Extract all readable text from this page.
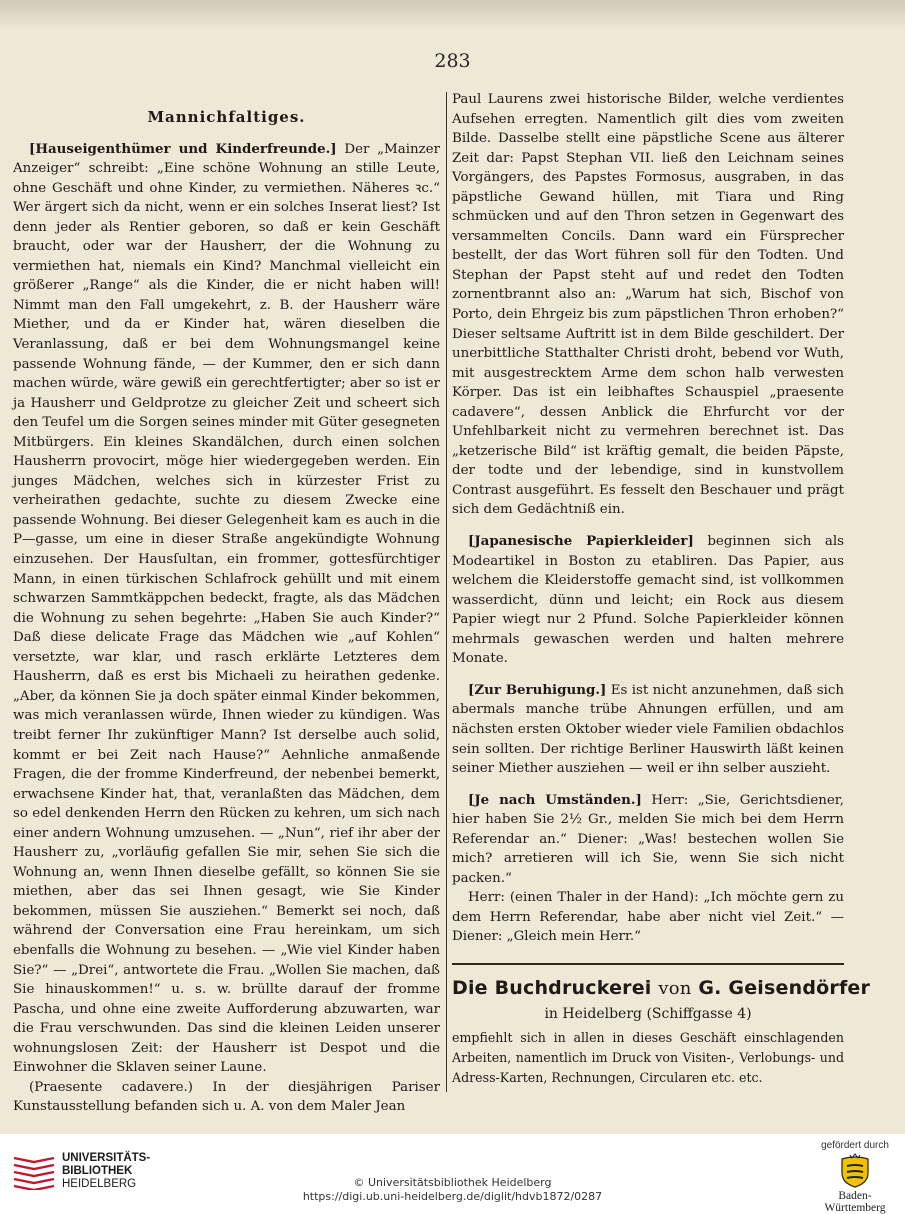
283
Mannichfaltiges.

[Hauseigenthümer und Kinderfreunde.] Der „Mainzer Anzeiger“ schreibt: „Eine schöne Wohnung an stille Leute, ohne Geschäft und ohne Kinder, zu vermiethen. Näheres ꝛc.“ Wer ärgert sich da nicht, wenn er ein solches Inserat liest? Ist denn jeder als Rentier geboren, so daß er kein Geschäft braucht, oder war der Hausherr, der die Wohnung zu vermiethen hat, niemals ein Kind? Manchmal vielleicht ein größerer „Range“ als die Kinder, die er nicht haben will! Nimmt man den Fall umgekehrt, z. B. der Hausherr wäre Miether, und da er Kinder hat, wären dieselben die Veranlassung, daß er bei dem Wohnungsmangel keine passende Wohnung fände, — der Kummer, den er sich dann machen würde, wäre gewiß ein gerechtfertigter; aber so ist er ja Hausherr und Geldprotze zu gleicher Zeit und scheert sich den Teufel um die Sorgen seines minder mit Güter gesegneten Mitbürgers. Ein kleines Skandälchen, durch einen solchen Hausherrn provocirt, möge hier wiedergegeben werden. Ein junges Mädchen, welches sich in kürzester Frist zu verheirathen gedachte, suchte zu diesem Zwecke eine passende Wohnung. Bei dieser Gelegenheit kam es auch in die P—gasse, um eine in dieser Straße angekündigte Wohnung einzusehen. Der Hausſultan, ein frommer, gottesfürchtiger Mann, in einen türkischen Schlafrock gehüllt und mit einem schwarzen Sammtkäppchen bedeckt, fragte, als das Mädchen die Wohnung zu sehen begehrte: „Haben Sie auch Kinder?“ Daß diese delicate Frage das Mädchen wie „auf Kohlen“ versetzte, war klar, und rasch erklärte Letzteres dem Hausherrn, daß es erst bis Michaeli zu heirathen gedenke. „Aber, da können Sie ja doch später einmal Kinder bekommen, was mich veranlassen würde, Ihnen wieder zu kündigen. Was treibt ferner Ihr zukünftiger Mann? Ist derselbe auch solid, kommt er bei Zeit nach Hause?“ Aehnliche anmaßende Fragen, die der fromme Kinderfreund, der nebenbei bemerkt, erwachsene Kinder hat, that, veranlaßten das Mädchen, dem so edel denkenden Herrn den Rücken zu kehren, um sich nach einer andern Wohnung umzusehen. — „Nun“, rief ihr aber der Hausherr zu, „vorläufig gefallen Sie mir, sehen Sie sich die Wohnung an, wenn Ihnen dieselbe gefällt, so können Sie sie miethen, aber das sei Ihnen gesagt, wie Sie Kinder bekommen, müssen Sie ausziehen.“ Bemerkt sei noch, daß während der Conversation eine Frau hereinkam, um sich ebenfalls die Wohnung zu besehen. — „Wie viel Kinder haben Sie?“ — „Drei“, antwortete die Frau. „Wollen Sie machen, daß Sie hinauskommen!“ u. s. w. brüllte darauf der fromme Pascha, und ohne eine zweite Aufforderung abzuwarten, war die Frau verschwunden. Das sind die kleinen Leiden unserer wohnungslosen Zeit: der Hausherr ist Despot und die Einwohner die Sklaven seiner Laune.

(Praesente cadavere.) In der diesjährigen Pariser Kunstausstellung befanden sich u. A. von dem Maler Jean

Paul Laurens zwei historische Bilder, welche verdientes Aufsehen erregten. Namentlich gilt dies vom zweiten Bilde. Dasselbe stellt eine päpstliche Scene aus älterer Zeit dar: Papst Stephan VII. ließ den Leichnam seines Vorgängers, des Papstes Formosus, ausgraben, in das päpstliche Gewand hüllen, mit Tiara und Ring schmücken und auf den Thron setzen in Gegenwart des versammelten Concils. Dann ward ein Fürsprecher bestellt, der das Wort führen soll für den Todten. Und Stephan der Papst steht auf und redet den Todten zornentbrannt also an: „Warum hat sich, Bischof von Porto, dein Ehrgeiz bis zum päpstlichen Thron erhoben?“ Dieser seltsame Auftritt ist in dem Bilde geschildert. Der unerbittliche Statthalter Christi droht, bebend vor Wuth, mit ausgestrecktem Arme dem schon halb verwesten Körper. Das ist ein leibhaftes Schauspiel „praesente cadavere“, dessen Anblick die Ehrfurcht vor der Unfehlbarkeit nicht zu vermehren berechnet ist. Das „ketzerische Bild“ ist kräftig gemalt, die beiden Päpste, der todte und der lebendige, sind in kunstvollem Contrast ausgeführt. Es fesselt den Beschauer und prägt sich dem Gedächtniß ein.

[Japanesische Papierkleider] beginnen sich als Modeartikel in Boston zu etabliren. Das Papier, aus welchem die Kleiderstoffe gemacht sind, ist vollkommen wasserdicht, dünn und leicht; ein Rock aus diesem Papier wiegt nur 2 Pfund. Solche Papierkleider können mehrmals gewaschen werden und halten mehrere Monate.

[Zur Beruhigung.] Es ist nicht anzunehmen, daß sich abermals manche trübe Ahnungen erfüllen, und am nächsten ersten Oktober wieder viele Familien obdachlos sein sollten. Der richtige Berliner Hauswirth läßt keinen seiner Miether ausziehen — weil er ihn selber auszieht.

[Je nach Umständen.] Herr: „Sie, Gerichtsdiener, hier haben Sie 2½ Gr., melden Sie mich bei dem Herrn Referendar an.“ Diener: „Was! bestechen wollen Sie mich? arretieren will ich Sie, wenn Sie sich nicht packen.“

Herr: (einen Thaler in der Hand): „Ich möchte gern zu dem Herrn Referendar, habe aber nicht viel Zeit.“ — Diener: „Gleich mein Herr.“

Die Buchdruckerei von G. Geisendörfer
in Heidelberg (Schiffgasse 4)

empfiehlt sich in allen in dieses Geschäft einschlagenden Arbeiten, namentlich im Druck von Visiten-, Verlobungs- und Adress-Karten, Rechnungen, Circularen etc. etc.

UNIVERSITÄTS-
BIBLIOTHEK
HEIDELBERG	© Universitätsbibliothek Heidelberg
https://digi.ub.uni-heidelberg.de/diglit/hdvb1872/0287
gefördert durch
Baden-Württemberg
